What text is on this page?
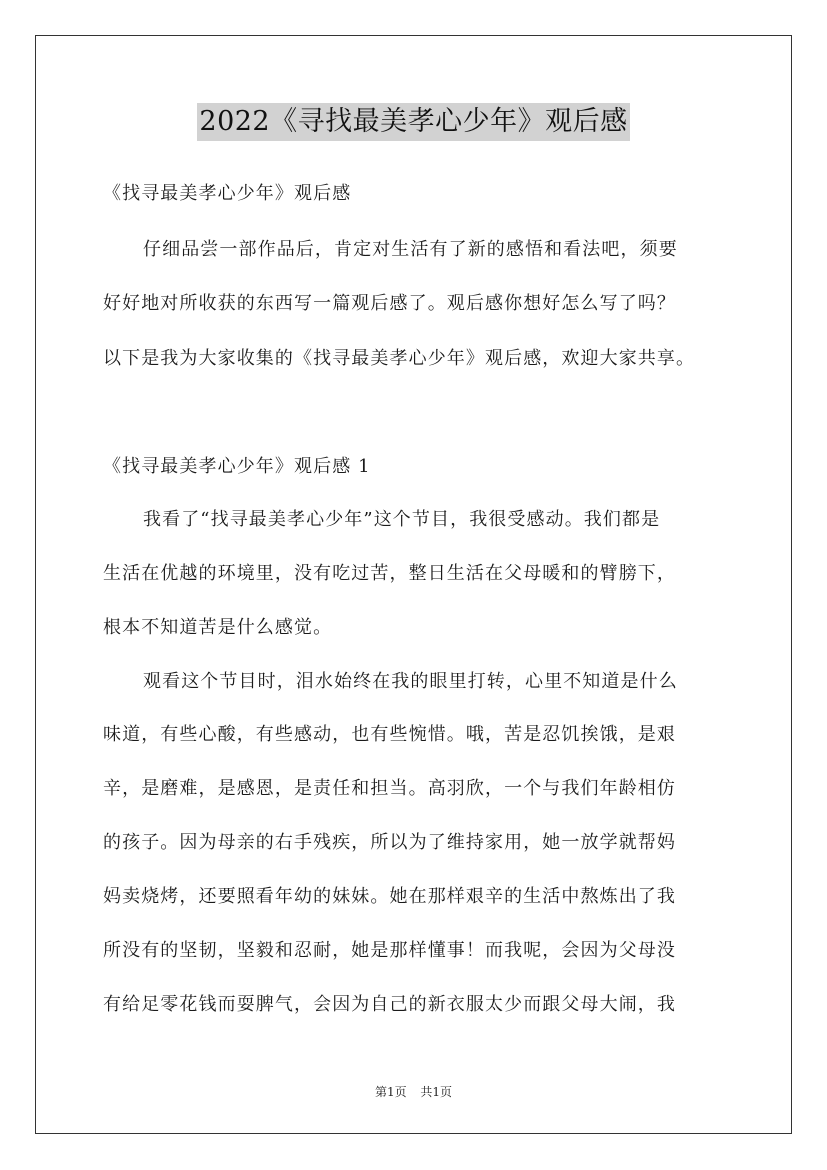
2022《寻找最美孝心少年》观后感
《找寻最美孝心少年》观后感
仔细品尝一部作品后，肯定对生活有了新的感悟和看法吧，须要
好好地对所收获的东西写一篇观后感了。观后感你想好怎么写了吗？
以下是我为大家收集的《找寻最美孝心少年》观后感，欢迎大家共享。
《找寻最美孝心少年》观后感 1
我看了“找寻最美孝心少年”这个节目，我很受感动。我们都是
生活在优越的环境里，没有吃过苦，整日生活在父母暖和的臂膀下，
根本不知道苦是什么感觉。
观看这个节目时，泪水始终在我的眼里打转，心里不知道是什么
味道，有些心酸，有些感动，也有些惋惜。哦，苦是忍饥挨饿，是艰
辛，是磨难，是感恩，是责任和担当。高羽欣，一个与我们年龄相仿
的孩子。因为母亲的右手残疾，所以为了维持家用，她一放学就帮妈
妈卖烧烤，还要照看年幼的妹妹。她在那样艰辛的生活中熬炼出了我
所没有的坚韧，坚毅和忍耐，她是那样懂事！而我呢，会因为父母没
有给足零花钱而耍脾气，会因为自己的新衣服太少而跟父母大闹，我
第1页 共1页
